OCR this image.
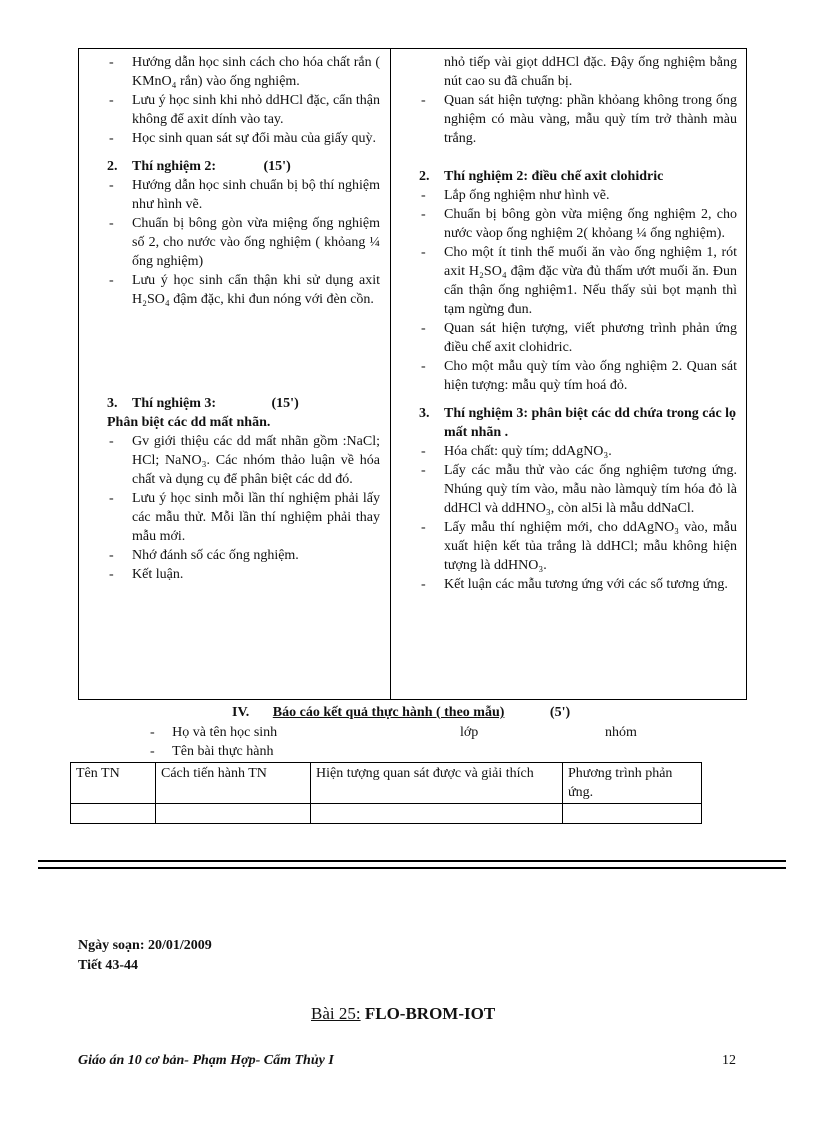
- Hướng dẫn học sinh cách cho hóa chất rắn ( KMnO₄ rắn) vào ống nghiệm.
- Lưu ý học sinh khi nhỏ ddHCl đặc, cẩn thận không để axit dính vào tay.
- Học sinh quan sát sự đổi màu của giấy quỳ.
2. Thí nghiệm 2:	(15')
- Hướng dẫn học sinh chuẩn bị bộ thí nghiệm như hình vẽ.
- Chuẩn bị bông gòn vừa miệng ống nghiệm số 2, cho nước vào ống nghiệm ( khỏang ¼ ống nghiệm)
- Lưu ý học sinh cẩn thận khi sử dụng axit H₂SO₄ đậm đặc, khi đun nóng với đèn cồn.
3. Thí nghiệm 3:	(15')
Phân biệt các dd mất nhãn.
- Gv giới thiệu các dd mất nhãn gồm :NaCl; HCl; NaNO₃. Các nhóm thảo luận về hóa chất và dụng cụ để phân biệt các dd đó.
- Lưu ý học sinh mỗi lần thí nghiệm phải lấy các mẫu thử. Mỗi lần thí nghiệm phải thay mẫu mới.
- Nhớ đánh số các ống nghiệm.
- Kết luận.
nhỏ tiếp vài giọt ddHCl đặc. Đậy ống nghiệm bằng nút cao su đã chuẩn bị.
- Quan sát hiện tượng: phần khỏang không trong ống nghiệm có màu vàng, mẫu quỳ tím trở thành màu trắng.
2. Thí nghiệm 2: điều chế axit clohidric
- Lắp ống nghiệm như hình vẽ.
- Chuẩn bị bông gòn vừa miệng ống nghiệm 2, cho nước vàop ống nghiệm 2( khỏang ¼ ống nghiệm).
- Cho một ít tinh thể muối ăn vào ống nghiệm 1, rót axit H₂SO₄ đậm đặc vừa đủ thấm ướt muối ăn. Đun cẩn thận ống nghiệm1. Nếu thấy sủi bọt mạnh thì tạm ngừng đun.
- Quan sát hiện tượng, viết phương trình phản ứng điều chế axit clohidric.
- Cho một mẫu quỳ tím vào ống nghiệm 2. Quan sát hiện tượng: mẫu quỳ tím hoá đỏ.
3.	Thí nghiệm 3: phân biệt các dd chứa trong các lọ mất nhãn .
- Hóa chất: quỳ tím; ddAgNO₃.
- Lấy các mẫu thử vào các ống nghiệm tương ứng. Nhúng quỳ tím vào, mẫu nào làmquỳ tím hóa đỏ là ddHCl và ddHNO₃, còn al5i là mẫu ddNaCl.
- Lấy mẫu thí nghiệm mới, cho ddAgNO₃ vào, mẫu xuất hiện kết tủa trắng là ddHCl; mẫu không hiện tượng là ddHNO₃.
- Kết luận các mẫu tương ứng với các số tương ứng.
IV. Báo cáo kết quả thực hành ( theo mẫu)	(5')
- Họ và tên học sinh	lớp	nhóm
- Tên bài thực hành
Tên TN	Cách tiến hành TN	Hiện tượng quan sát được và giải thích	Phương trình phản ứng.

Ngày soạn: 20/01/2009
Tiết 43-44
Bài 25: FLO-BROM-IOT
Giáo án 10 cơ bản- Phạm Hợp- Cẩm Thủy I	12
